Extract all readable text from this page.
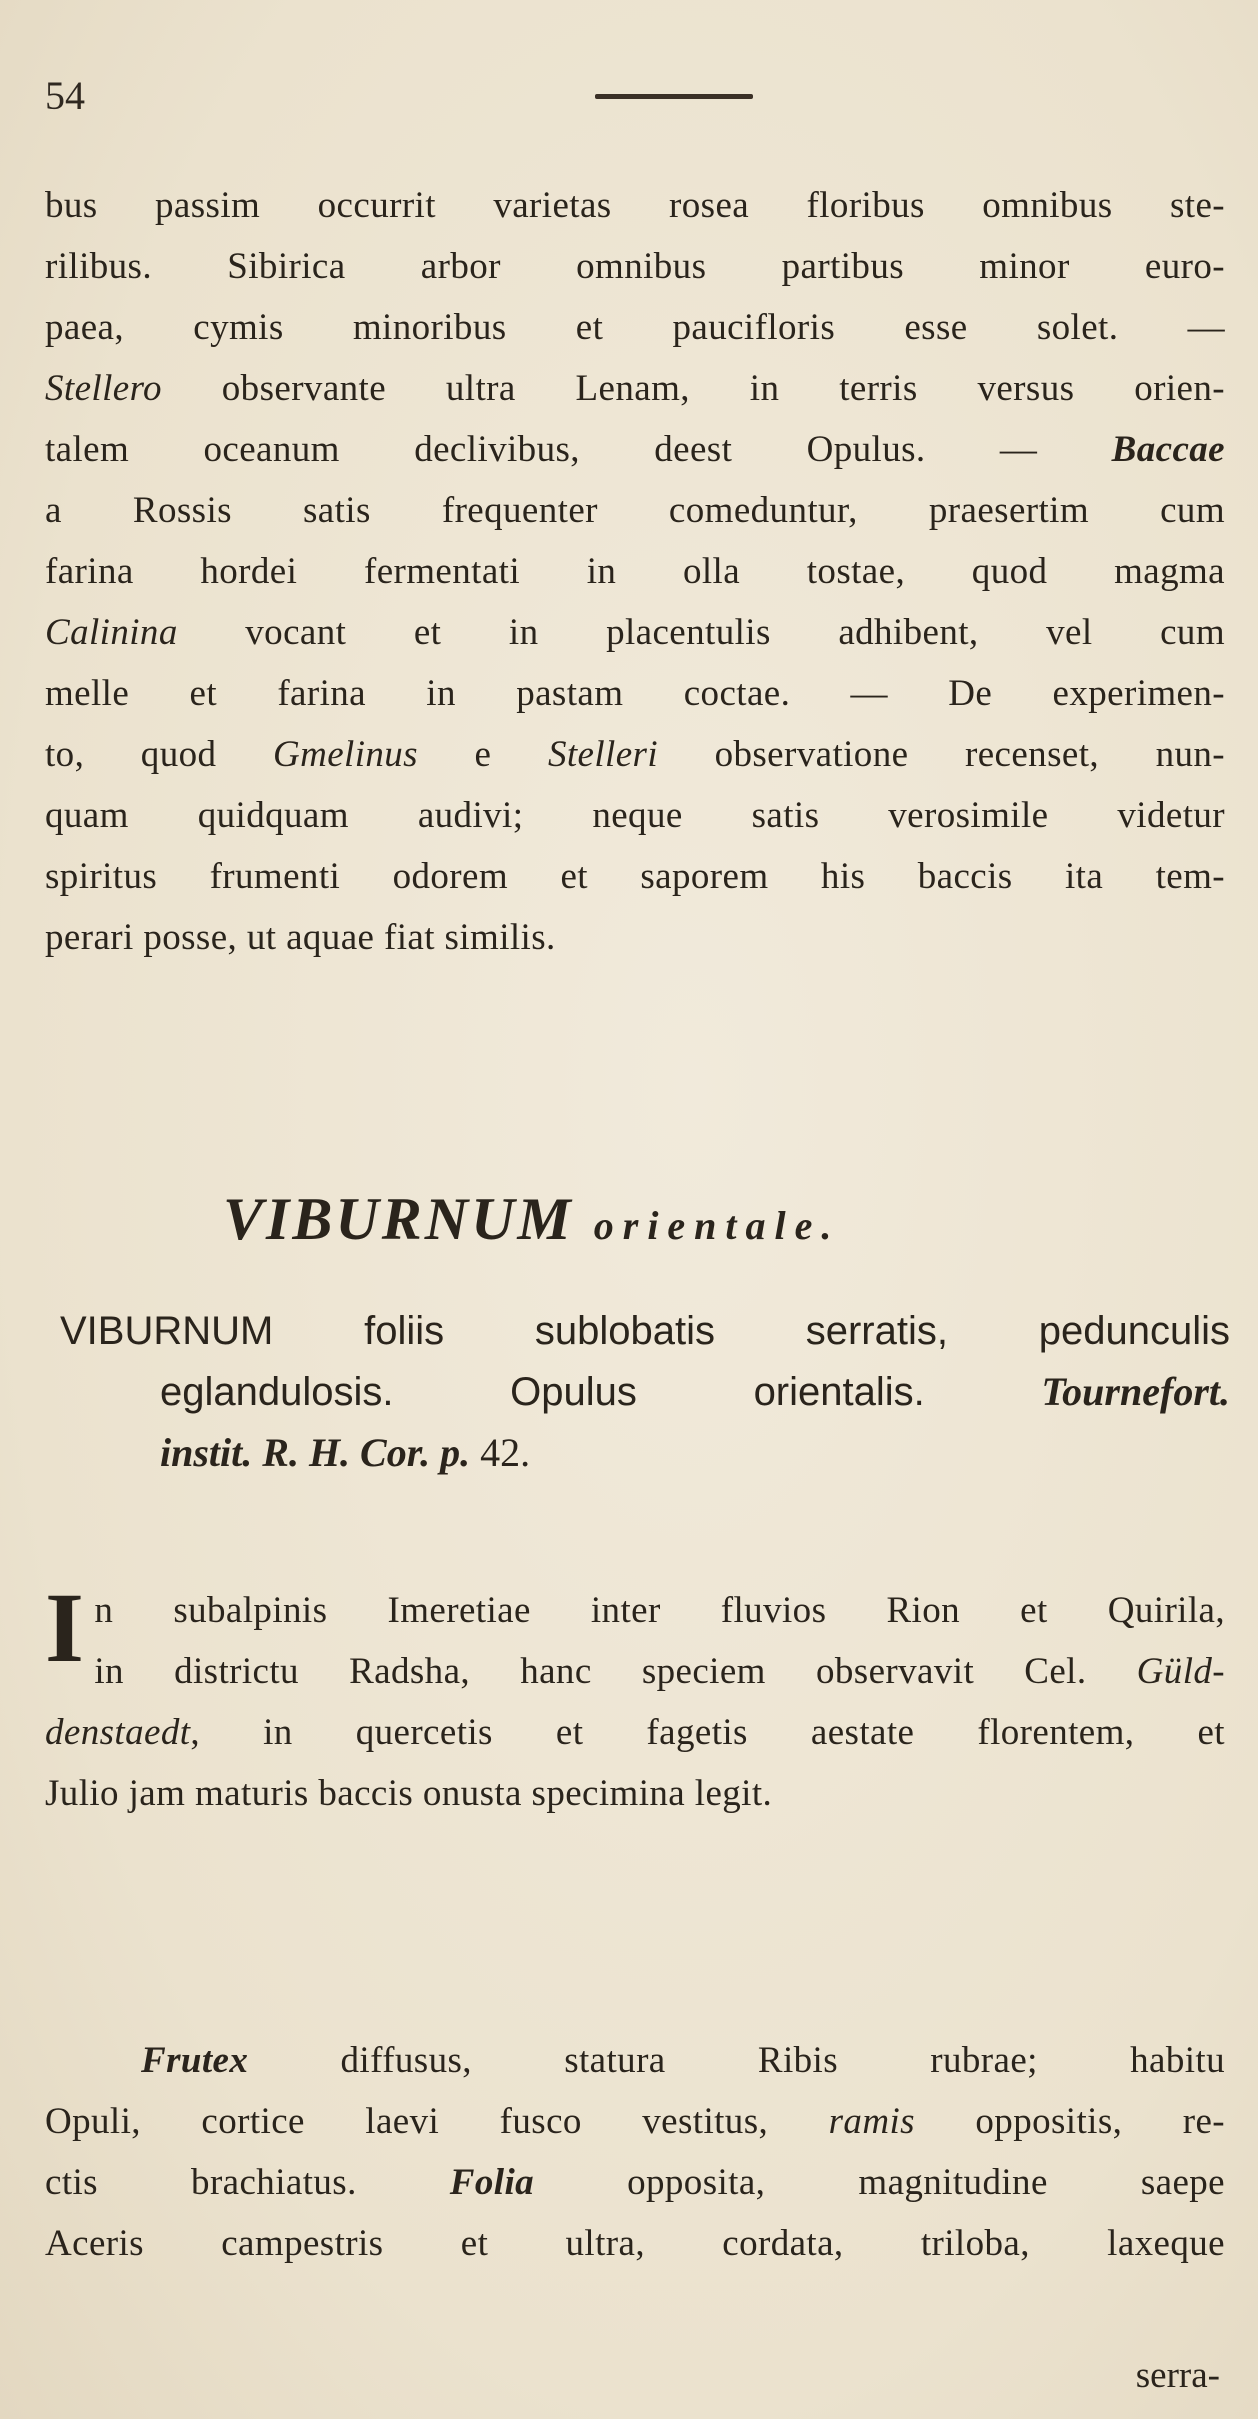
54
bus passim occurrit varietas rosea floribus omnibus ste-
rilibus. Sibirica arbor omnibus partibus minor euro-
paea, cymis minoribus et paucifloris esse solet. —
Stellero observante ultra Lenam, in terris versus orien-
talem oceanum declivibus, deest Opulus. — Baccae
a Rossis satis frequenter comeduntur, praesertim cum
farina hordei fermentati in olla tostae, quod magma
Calinina vocant et in placentulis adhibent, vel cum
melle et farina in pastam coctae. — De experimen-
to, quod Gmelinus e Stelleri observatione recenset, nun-
quam quidquam audivi; neque satis verosimile videtur
spiritus frumenti odorem et saporem his baccis ita tem-
perari posse, ut aquae fiat similis.
VIBURNUM orientale.
VIBURNUM foliis sublobatis serratis, pedunculis
eglandulosis. Opulus orientalis. Tournefort.
instit. R. H. Cor. p. 42.
I n subalpinis Imeretiae inter fluvios Rion et Quirila,
in districtu Radsha, hanc speciem observavit Cel. Güld-
denstaedt, in quercetis et fagetis aestate florentem, et
Julio jam maturis baccis onusta specimina legit.
Frutex diffusus, statura Ribis rubrae; habitu
Opuli, cortice laevi fusco vestitus, ramis oppositis, re-
ctis brachiatus. Folia opposita, magnitudine saepe
Aceris campestris et ultra, cordata, triloba, laxeque
serra-
